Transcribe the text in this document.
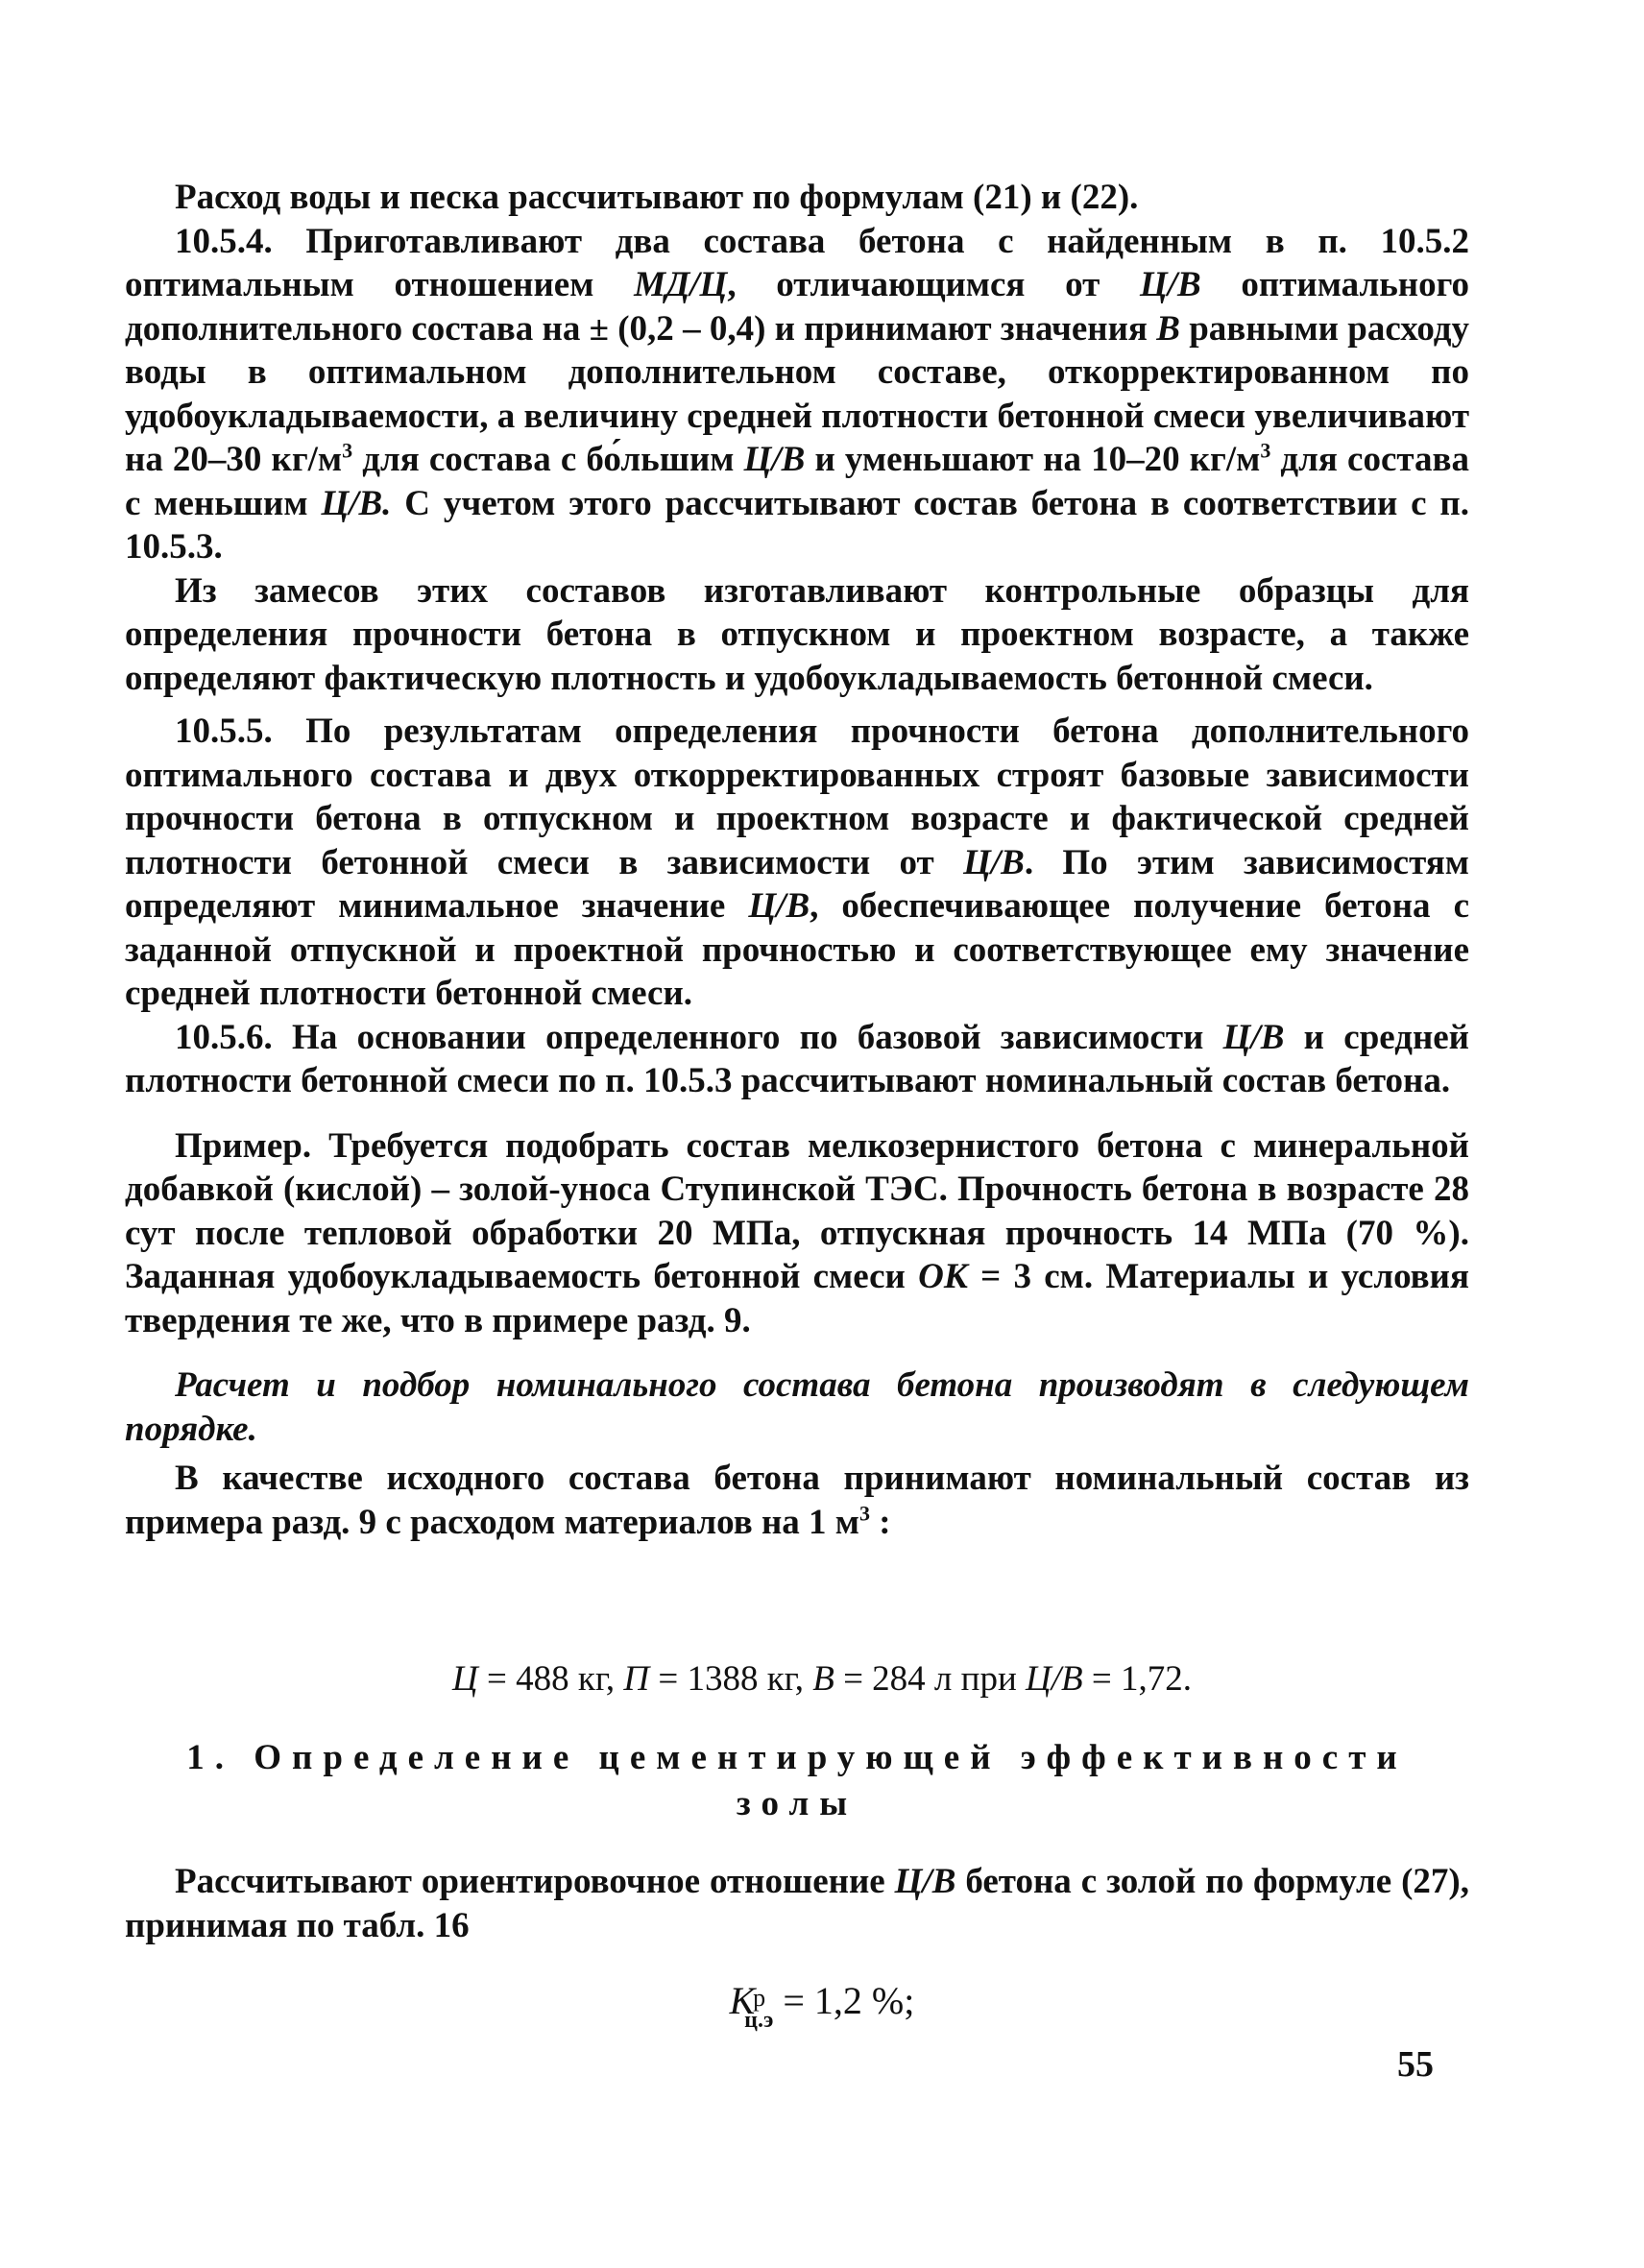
Расход воды и песка рассчитывают по формулам (21) и (22).

10.5.4. Приготавливают два состава бетона с найденным в п. 10.5.2 оптимальным отношением МД/Ц, отличающимся от Ц/В оптимального дополнительного состава на ± (0,2 – 0,4) и принимают значения В равными расходу воды в оптимальном дополнительном составе, откорректированном по удобоукладываемости, а величину средней плотности бетонной смеси увеличивают на 20–30 $кг/м^3$ для состава с бо́льшим Ц/В и уменьшают на 10–20 $кг/м^3$ для состава с меньшим Ц/В. С учетом этого рассчитывают состав бетона в соответствии с п. 10.5.3.

Из замесов этих составов изготавливают контрольные образцы для определения прочности бетона в отпускном и проектном возрасте, а также определяют фактическую плотность и удобоукладываемость бетонной смеси.

10.5.5. По результатам определения прочности бетона дополнительного оптимального состава и двух откорректированных строят базовые зависимости прочности бетона в отпускном и проектном возрасте и фактической средней плотности бетонной смеси в зависимости от Ц/В. По этим зависимостям определяют минимальное значение Ц/В, обеспечивающее получение бетона с заданной отпускной и проектной прочностью и соответствующее ему значение средней плотности бетонной смеси.

10.5.6. На основании определенного по базовой зависимости Ц/В и средней плотности бетонной смеси по п. 10.5.3 рассчитывают номинальный состав бетона.

Пример. Требуется подобрать состав мелкозернистого бетона с минеральной добавкой (кислой) – золой-уноса Ступинской ТЭС. Прочность бетона в возрасте 28 сут после тепловой обработки 20 МПа, отпускная прочность 14 МПа (70 %). Заданная удобоукладываемость бетонной смеси ОК = 3 см. Материалы и условия твердения те же, что в примере разд. 9.

Расчет и подбор номинального состава бетона производят в следующем порядке.

В качестве исходного состава бетона принимают номинальный состав из примера разд. 9 с расходом материалов на 1 $м^3$ :

Ц = 488 кг, П = 1388 кг, В = 284 л при Ц/В = 1,72.
1. Определение цементирующей эффективности
золы

Рассчитывают ориентировочное отношение Ц/В бетона с золой по формуле (27), принимая по табл. 16

$К^р_{ц.э} = 1,2$ %;
55
